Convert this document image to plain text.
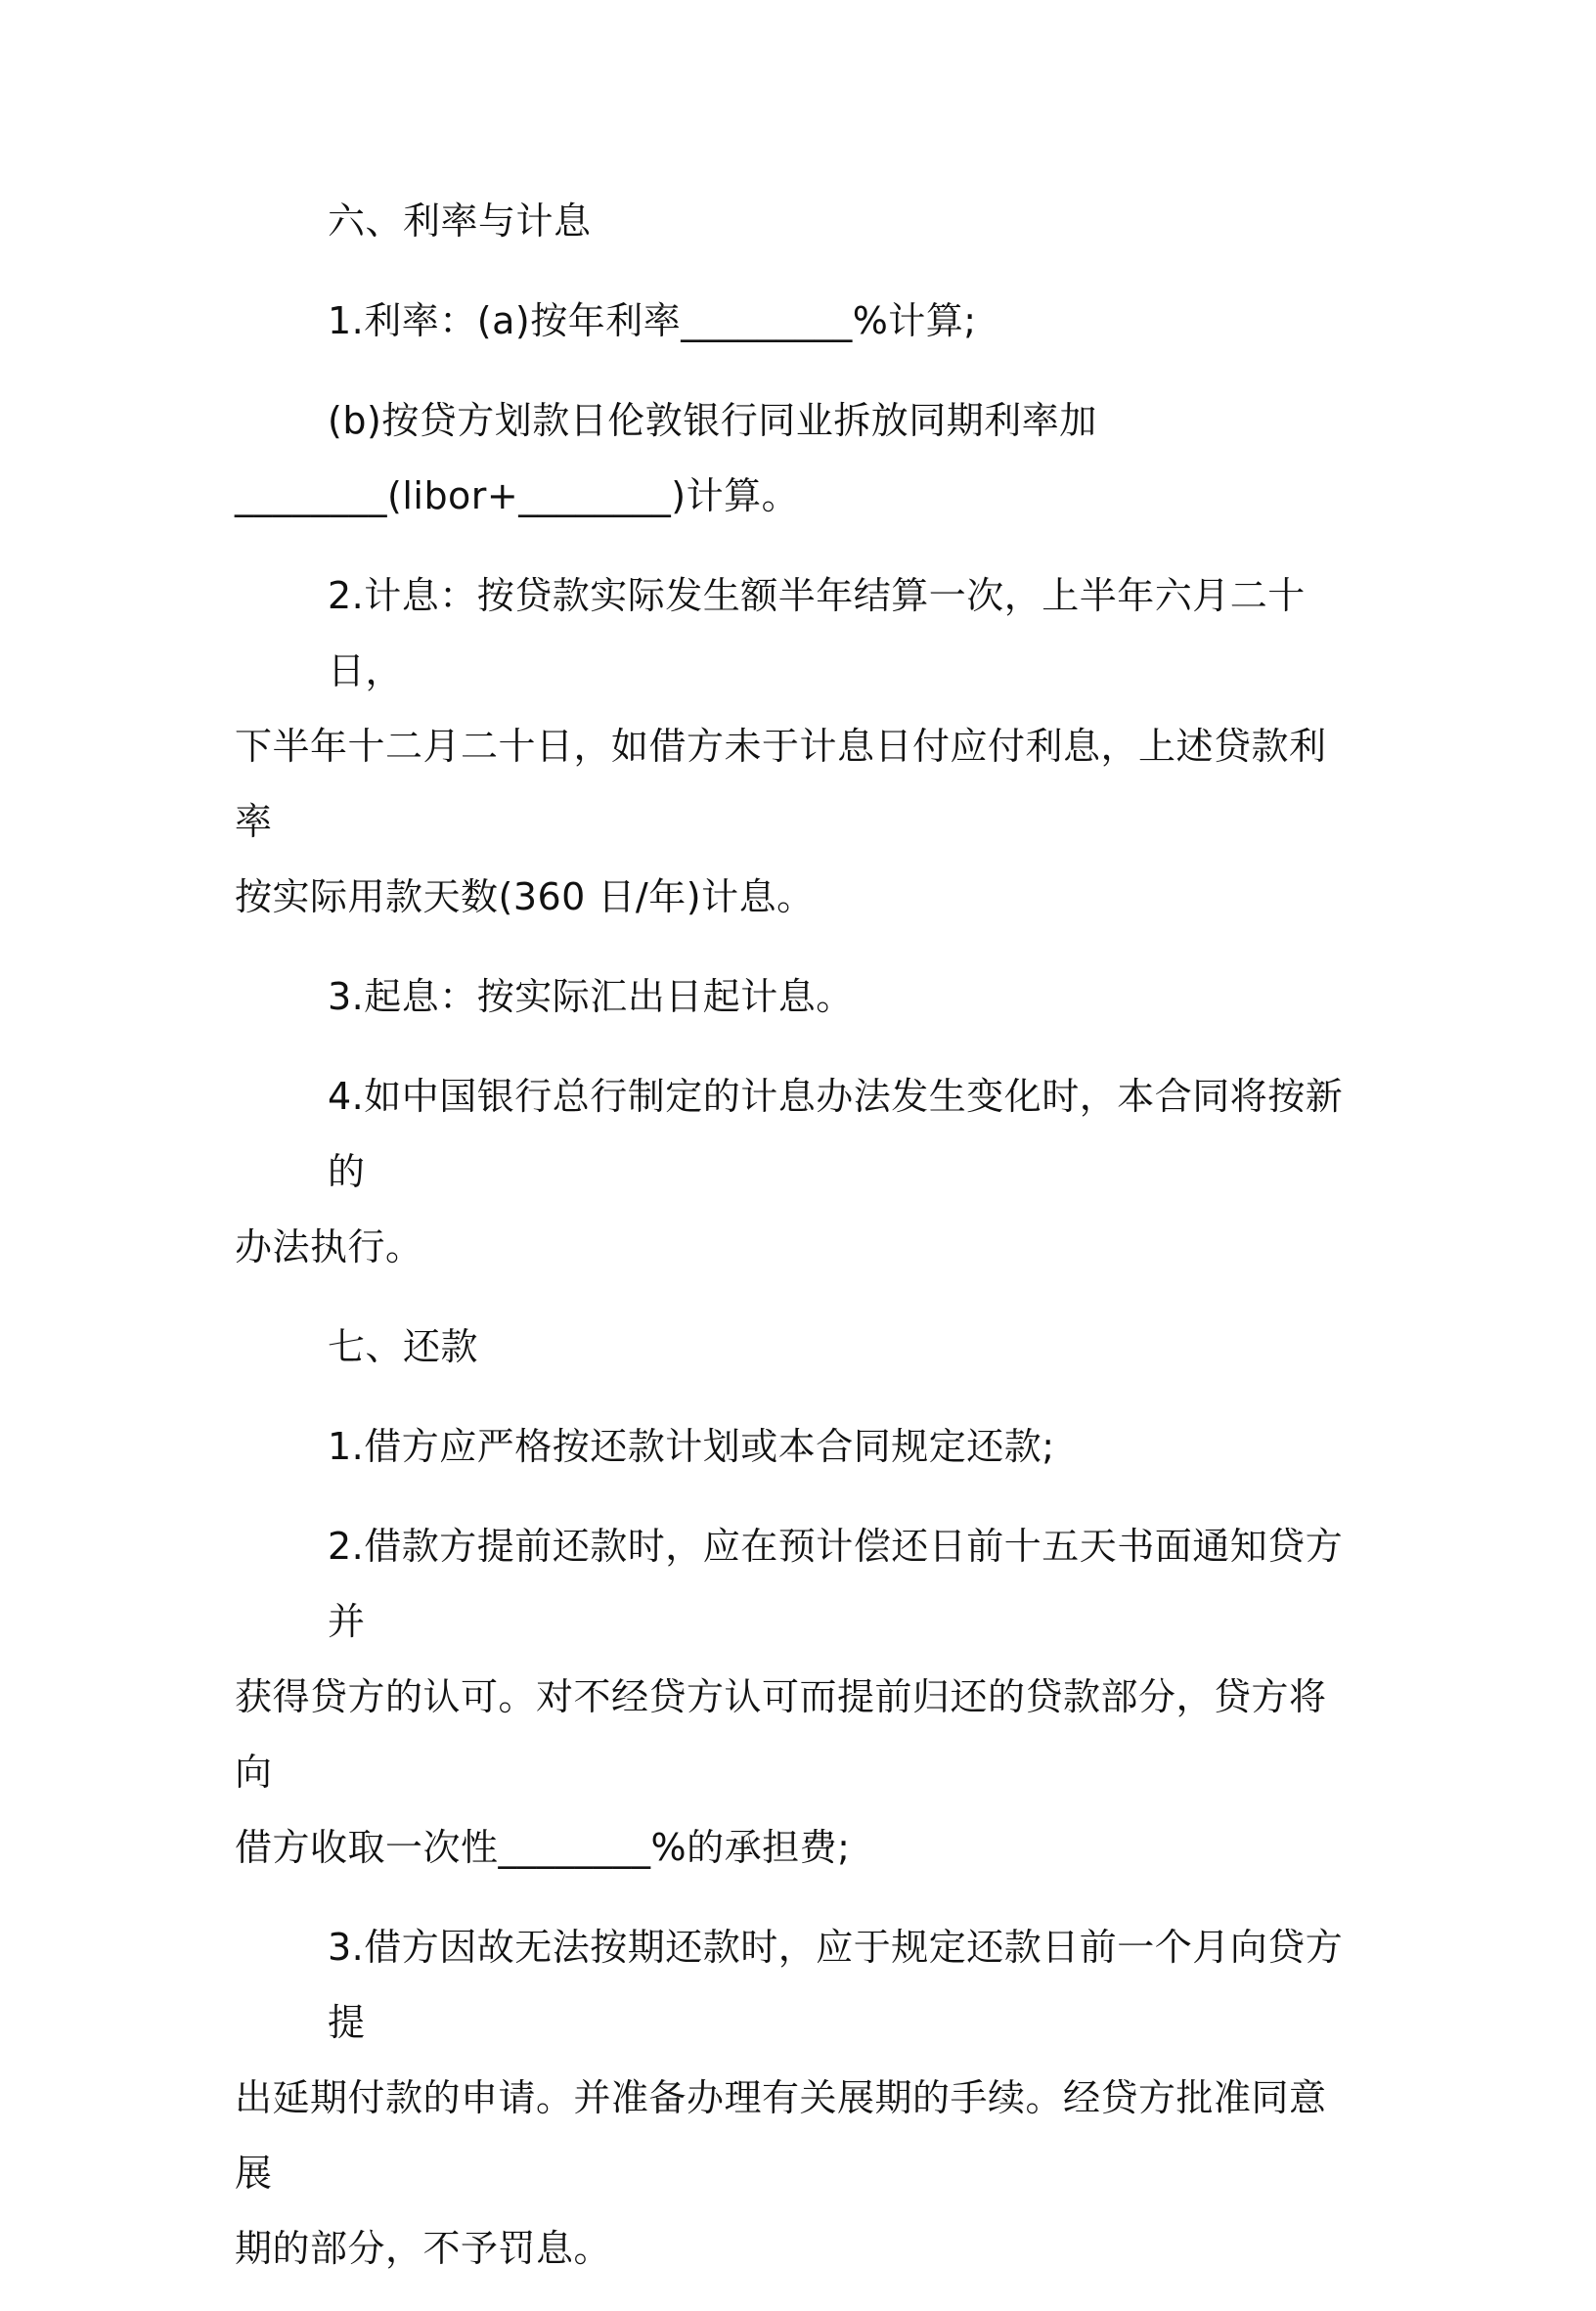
六、利率与计息
1.利率：(a)按年利率_________%计算;
(b)按贷方划款日伦敦银行同业拆放同期利率加
________(libor+________)计算。
2.计息：按贷款实际发生额半年结算一次，上半年六月二十日，
下半年十二月二十日，如借方未于计息日付应付利息，上述贷款利率
按实际用款天数(360 日/年)计息。
3.起息：按实际汇出日起计息。
4.如中国银行总行制定的计息办法发生变化时，本合同将按新的
办法执行。
七、还款
1.借方应严格按还款计划或本合同规定还款;
2.借款方提前还款时，应在预计偿还日前十五天书面通知贷方并
获得贷方的认可。对不经贷方认可而提前归还的贷款部分，贷方将向
借方收取一次性________%的承担费;
3.借方因故无法按期还款时，应于规定还款日前一个月向贷方提
出延期付款的申请。并准备办理有关展期的手续。经贷方批准同意展
期的部分，不予罚息。
